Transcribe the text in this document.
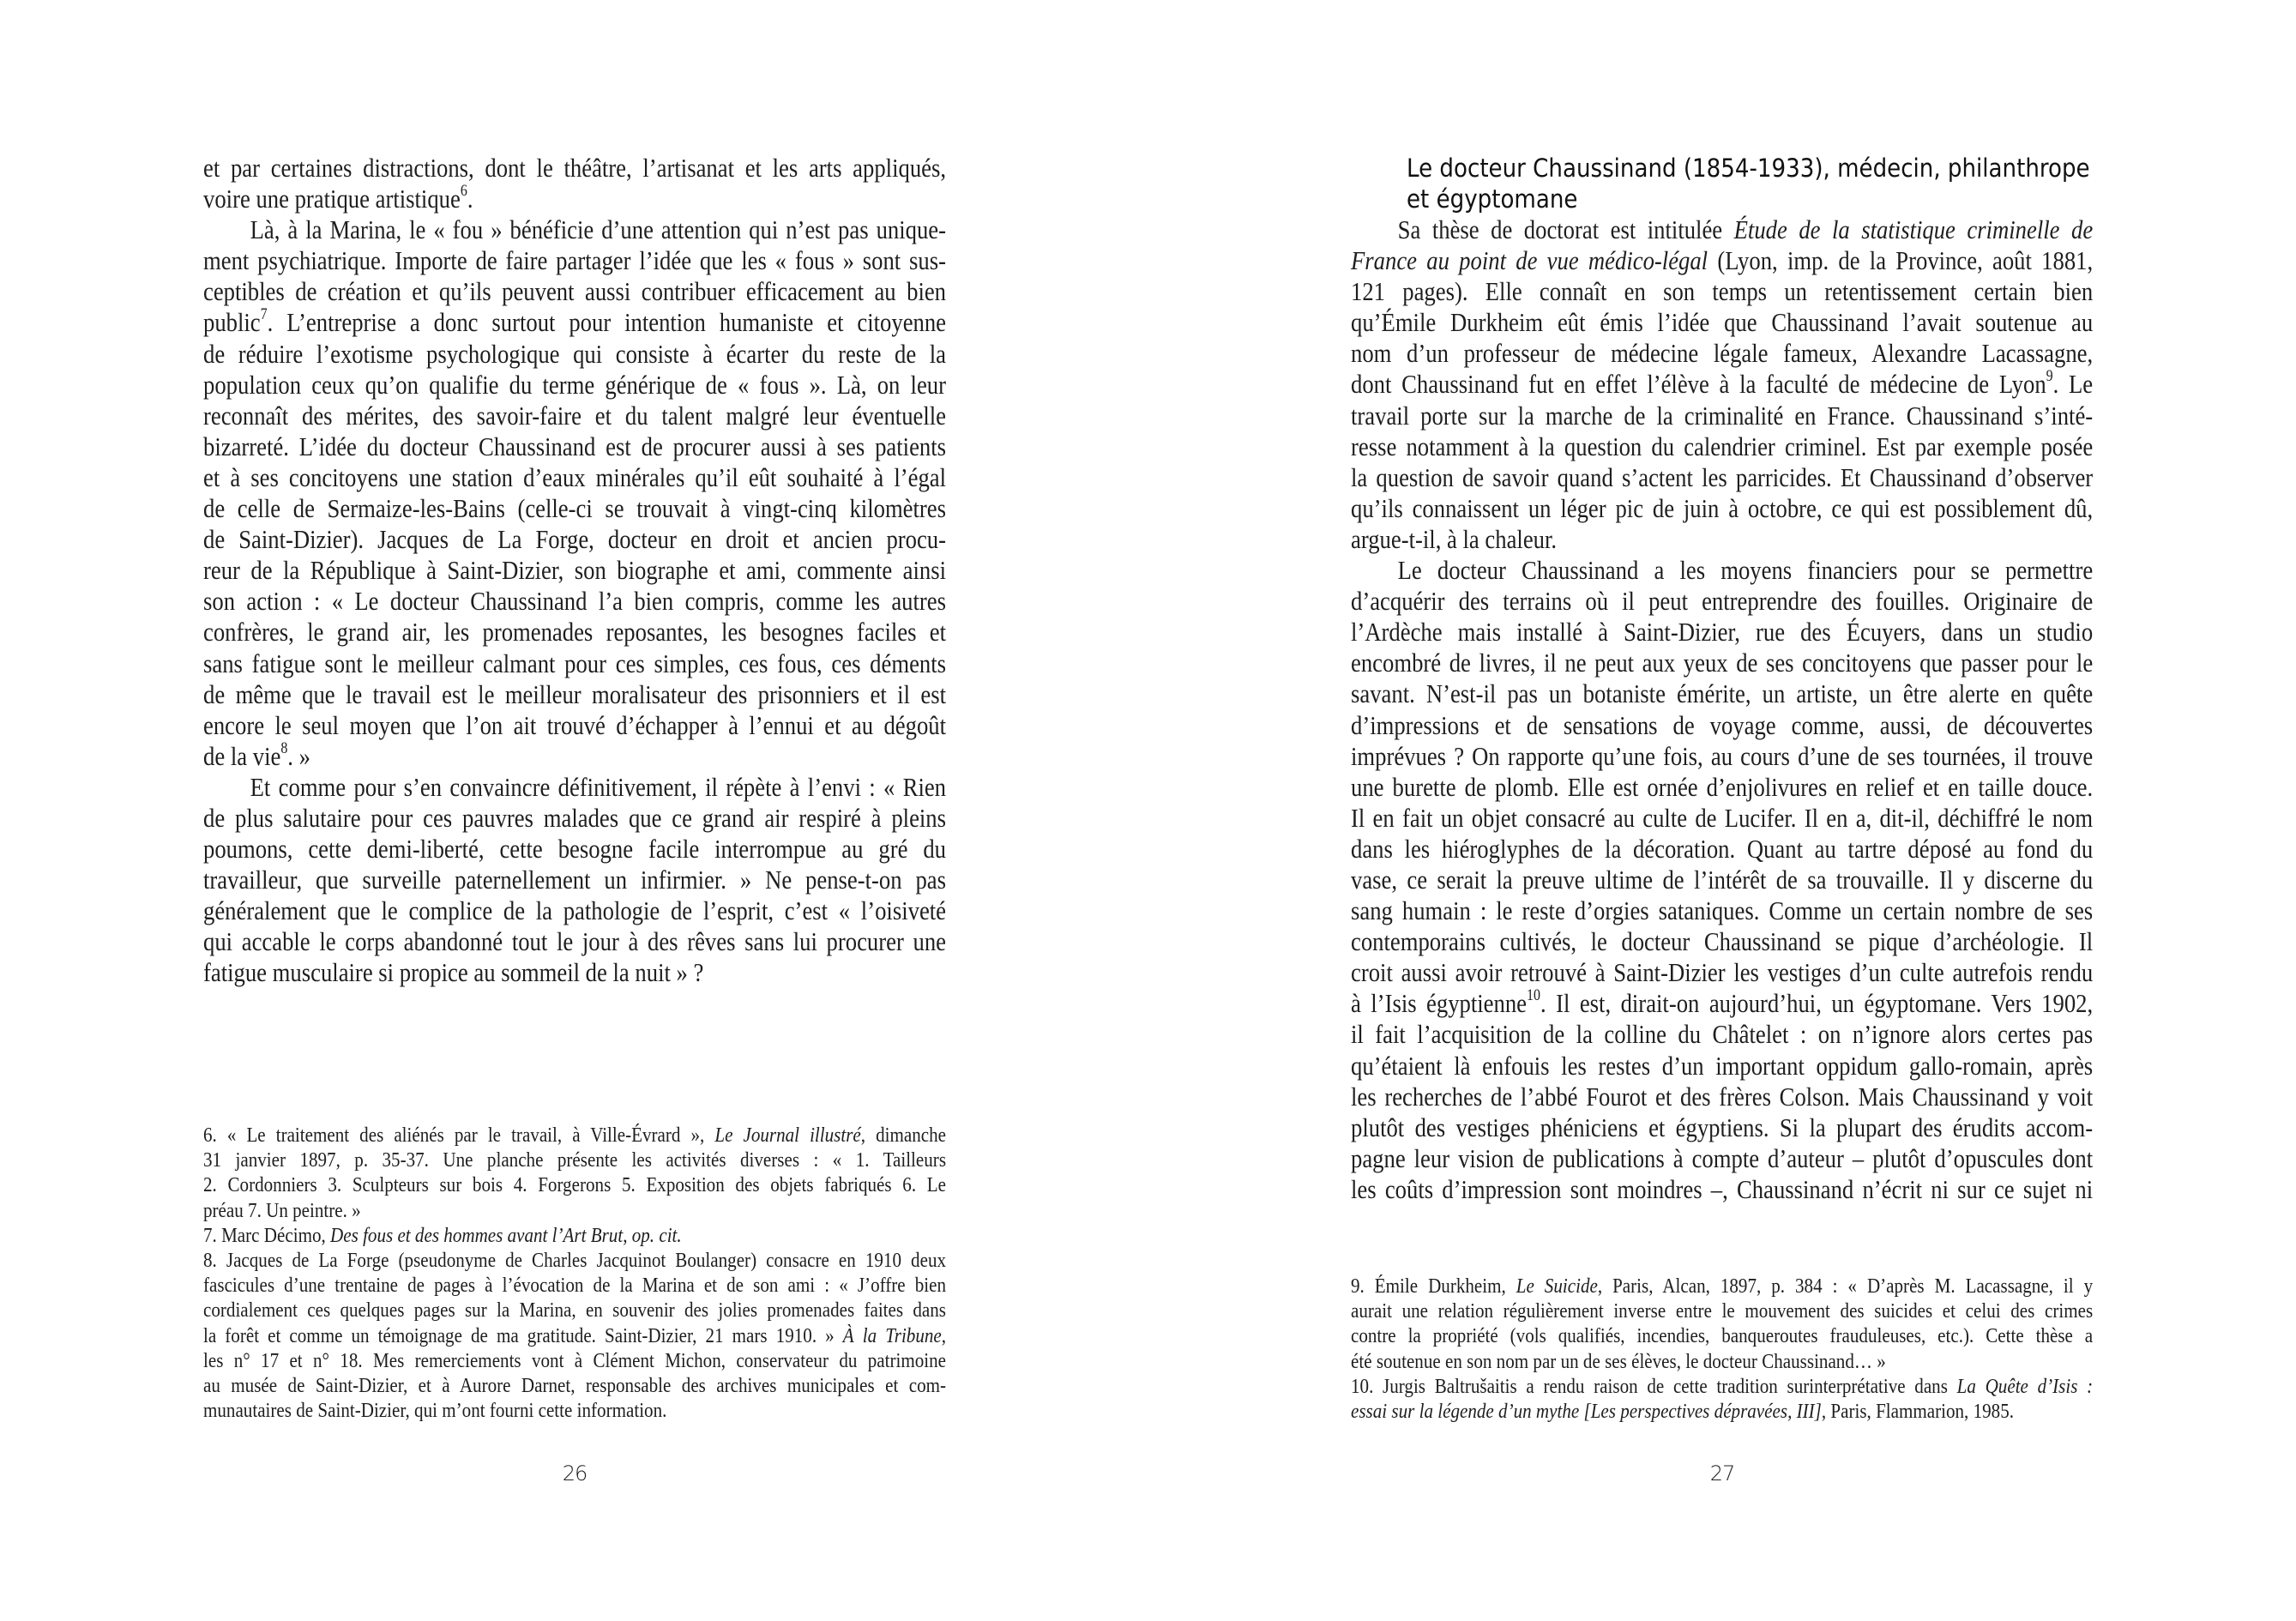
et par certaines distractions, dont le théâtre, l’artisanat et les arts appliqués,
voire une pratique artistique$^6$.
Là, à la Marina, le « fou » bénéficie d’une attention qui n’est pas unique-
ment psychiatrique. Importe de faire partager l’idée que les « fous » sont sus-
ceptibles de création et qu’ils peuvent aussi contribuer efficacement au bien
public$^7$. L’entreprise a donc surtout pour intention humaniste et citoyenne
de réduire l’exotisme psychologique qui consiste à écarter du reste de la
population ceux qu’on qualifie du terme générique de « fous ». Là, on leur
reconnaît des mérites, des savoir-faire et du talent malgré leur éventuelle
bizarreté. L’idée du docteur Chaussinand est de procurer aussi à ses patients
et à ses concitoyens une station d’eaux minérales qu’il eût souhaité à l’égal
de celle de Sermaize-les-Bains (celle-ci se trouvait à vingt-cinq kilomètres
de Saint-Dizier). Jacques de La Forge, docteur en droit et ancien procu-
reur de la République à Saint-Dizier, son biographe et ami, commente ainsi
son action : « Le docteur Chaussinand l’a bien compris, comme les autres
confrères, le grand air, les promenades reposantes, les besognes faciles et
sans fatigue sont le meilleur calmant pour ces simples, ces fous, ces déments
de même que le travail est le meilleur moralisateur des prisonniers et il est
encore le seul moyen que l’on ait trouvé d’échapper à l’ennui et au dégoût
de la vie$^8$. »
Et comme pour s’en convaincre définitivement, il répète à l’envi : « Rien
de plus salutaire pour ces pauvres malades que ce grand air respiré à pleins
poumons, cette demi-liberté, cette besogne facile interrompue au gré du
travailleur, que surveille paternellement un infirmier. » Ne pense-t-on pas
généralement que le complice de la pathologie de l’esprit, c’est « l’oisiveté
qui accable le corps abandonné tout le jour à des rêves sans lui procurer une
fatigue musculaire si propice au sommeil de la nuit » ?
6. « Le traitement des aliénés par le travail, à Ville-Évrard », Le Journal illustré, dimanche
31 janvier 1897, p. 35-37. Une planche présente les activités diverses : « 1. Tailleurs
2. Cordonniers 3. Sculpteurs sur bois 4. Forgerons 5. Exposition des objets fabriqués 6. Le
préau 7. Un peintre. »
7. Marc Décimo, Des fous et des hommes avant l’Art Brut, op. cit.
8. Jacques de La Forge (pseudonyme de Charles Jacquinot Boulanger) consacre en 1910 deux
fascicules d’une trentaine de pages à l’évocation de la Marina et de son ami : « J’offre bien
cordialement ces quelques pages sur la Marina, en souvenir des jolies promenades faites dans
la forêt et comme un témoignage de ma gratitude. Saint-Dizier, 21 mars 1910. » À la Tribune,
les n° 17 et n° 18. Mes remerciements vont à Clément Michon, conservateur du patrimoine
au musée de Saint-Dizier, et à Aurore Darnet, responsable des archives municipales et com-
munautaires de Saint-Dizier, qui m’ont fourni cette information.
26
Le docteur Chaussinand (1854-1933), médecin, philanthrope
et égyptomane
Sa thèse de doctorat est intitulée Étude de la statistique criminelle de
France au point de vue médico-légal (Lyon, imp. de la Province, août 1881,
121 pages). Elle connaît en son temps un retentissement certain bien
qu’Émile Durkheim eût émis l’idée que Chaussinand l’avait soutenue au
nom d’un professeur de médecine légale fameux, Alexandre Lacassagne,
dont Chaussinand fut en effet l’élève à la faculté de médecine de Lyon$^9$. Le
travail porte sur la marche de la criminalité en France. Chaussinand s’inté-
resse notamment à la question du calendrier criminel. Est par exemple posée
la question de savoir quand s’actent les parricides. Et Chaussinand d’observer
qu’ils connaissent un léger pic de juin à octobre, ce qui est possiblement dû,
argue-t-il, à la chaleur.
Le docteur Chaussinand a les moyens financiers pour se permettre
d’acquérir des terrains où il peut entreprendre des fouilles. Originaire de
l’Ardèche mais installé à Saint-Dizier, rue des Écuyers, dans un studio
encombré de livres, il ne peut aux yeux de ses concitoyens que passer pour le
savant. N’est-il pas un botaniste émérite, un artiste, un être alerte en quête
d’impressions et de sensations de voyage comme, aussi, de découvertes
imprévues ? On rapporte qu’une fois, au cours d’une de ses tournées, il trouve
une burette de plomb. Elle est ornée d’enjolivures en relief et en taille douce.
Il en fait un objet consacré au culte de Lucifer. Il en a, dit-il, déchiffré le nom
dans les hiéroglyphes de la décoration. Quant au tartre déposé au fond du
vase, ce serait la preuve ultime de l’intérêt de sa trouvaille. Il y discerne du
sang humain : le reste d’orgies sataniques. Comme un certain nombre de ses
contemporains cultivés, le docteur Chaussinand se pique d’archéologie. Il
croit aussi avoir retrouvé à Saint-Dizier les vestiges d’un culte autrefois rendu
à l’Isis égyptienne$^{10}$. Il est, dirait-on aujourd’hui, un égyptomane. Vers 1902,
il fait l’acquisition de la colline du Châtelet : on n’ignore alors certes pas
qu’étaient là enfouis les restes d’un important oppidum gallo-romain, après
les recherches de l’abbé Fourot et des frères Colson. Mais Chaussinand y voit
plutôt des vestiges phéniciens et égyptiens. Si la plupart des érudits accom-
pagne leur vision de publications à compte d’auteur – plutôt d’opuscules dont
les coûts d’impression sont moindres –, Chaussinand n’écrit ni sur ce sujet ni
9. Émile Durkheim, Le Suicide, Paris, Alcan, 1897, p. 384 : « D’après M. Lacassagne, il y
aurait une relation régulièrement inverse entre le mouvement des suicides et celui des crimes
contre la propriété (vols qualifiés, incendies, banqueroutes frauduleuses, etc.). Cette thèse a
été soutenue en son nom par un de ses élèves, le docteur Chaussinand… »
10. Jurgis Baltrušaitis a rendu raison de cette tradition surinterprétative dans La Quête d’Isis :
essai sur la légende d’un mythe [Les perspectives dépravées, III], Paris, Flammarion, 1985.
27
